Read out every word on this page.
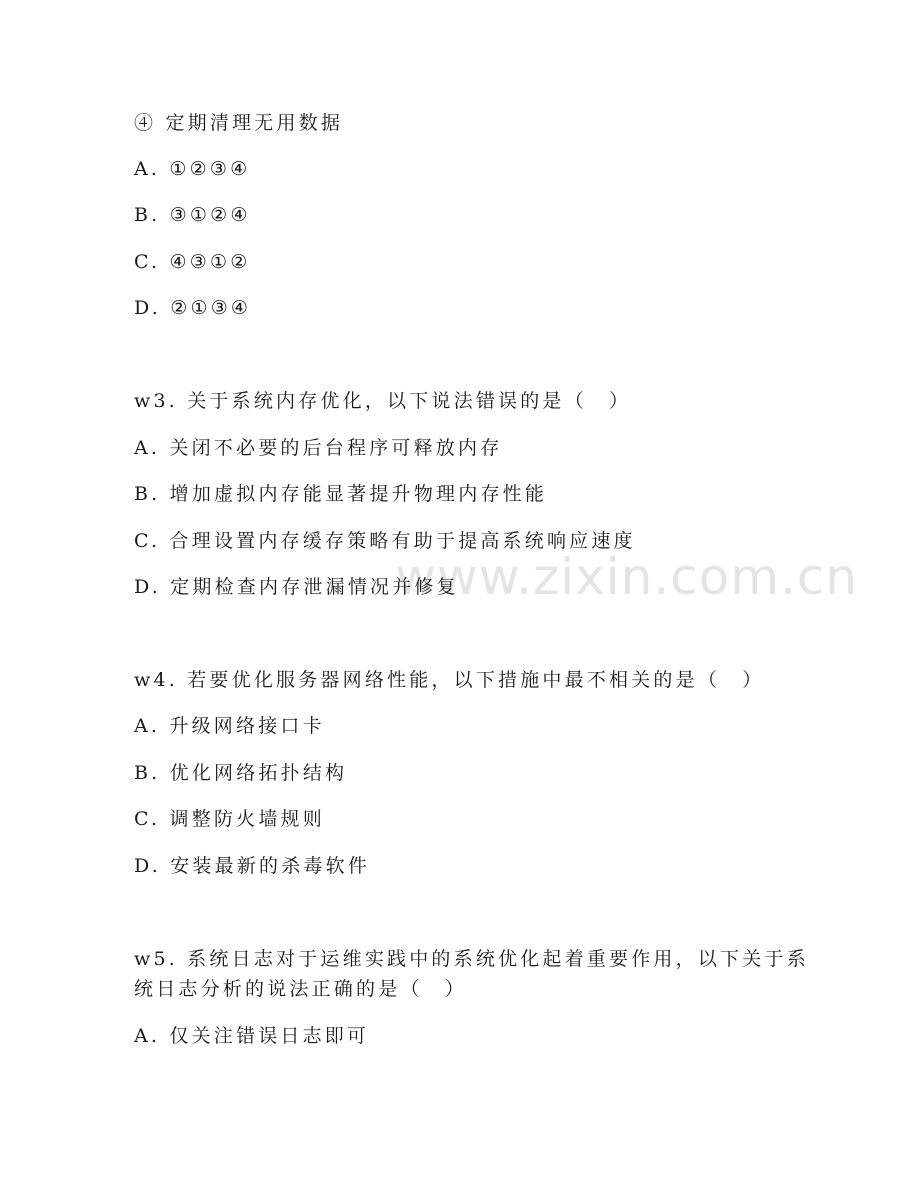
www.zixin.com.cn
④ 定期清理无用数据
A. ①②③④
B. ③①②④
C. ④③①②
D. ②①③④
w3. 关于系统内存优化，以下说法错误的是（　）
A. 关闭不必要的后台程序可释放内存
B. 增加虚拟内存能显著提升物理内存性能
C. 合理设置内存缓存策略有助于提高系统响应速度
D. 定期检查内存泄漏情况并修复
w4. 若要优化服务器网络性能，以下措施中最不相关的是（　）
A. 升级网络接口卡
B. 优化网络拓扑结构
C. 调整防火墙规则
D. 安装最新的杀毒软件
w5. 系统日志对于运维实践中的系统优化起着重要作用，以下关于系
统日志分析的说法正确的是（　）
A. 仅关注错误日志即可
